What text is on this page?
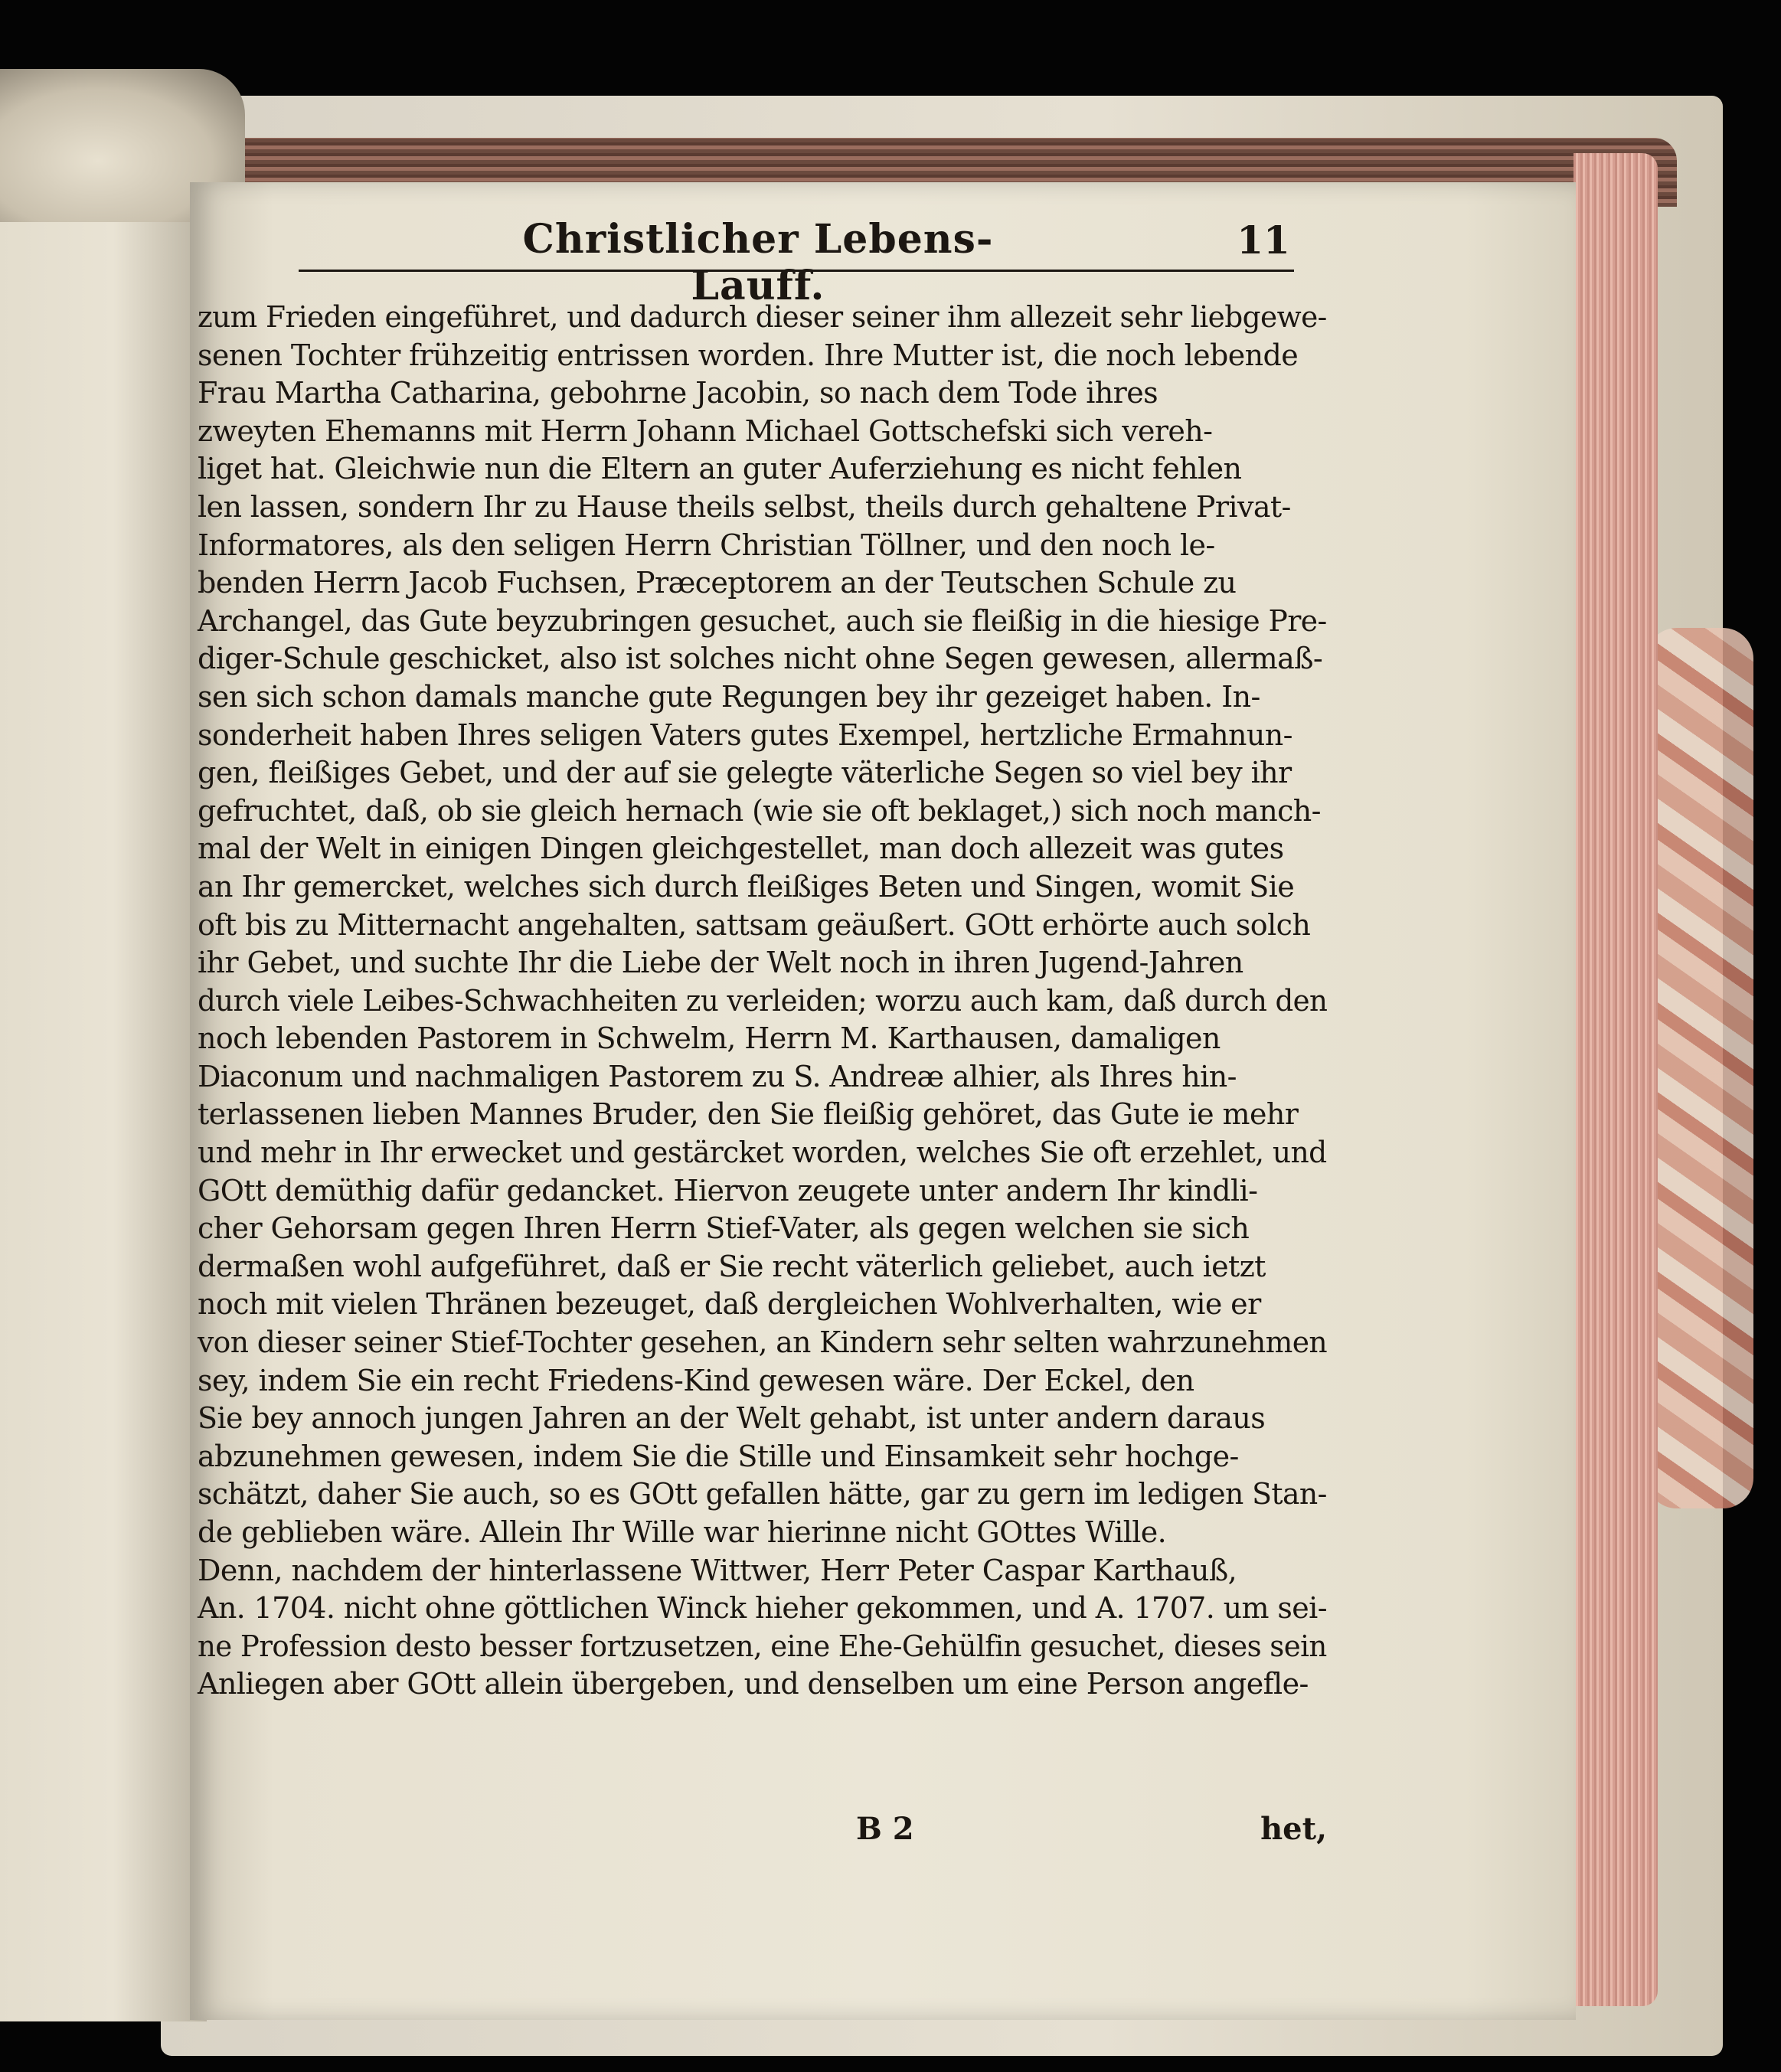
Christlicher Lebens-Lauff.
11
zum Frieden eingeführet, und dadurch dieser seiner ihm allezeit sehr liebgewe-
senen Tochter frühzeitig entrissen worden. Ihre Mutter ist, die noch lebende
Frau Martha Catharina, gebohrne Jacobin, so nach dem Tode ihres
zweyten Ehemanns mit Herrn Johann Michael Gottschefski sich vereh-
liget hat. Gleichwie nun die Eltern an guter Auferziehung es nicht fehlen
len lassen, sondern Ihr zu Hause theils selbst, theils durch gehaltene Privat-
Informatores, als den seligen Herrn Christian Töllner, und den noch le-
benden Herrn Jacob Fuchsen, Præceptorem an der Teutschen Schule zu
Archangel, das Gute beyzubringen gesuchet, auch sie fleißig in die hiesige Pre-
diger-Schule geschicket, also ist solches nicht ohne Segen gewesen, allermaß-
sen sich schon damals manche gute Regungen bey ihr gezeiget haben. In-
sonderheit haben Ihres seligen Vaters gutes Exempel, hertzliche Ermahnun-
gen, fleißiges Gebet, und der auf sie gelegte väterliche Segen so viel bey ihr
gefruchtet, daß, ob sie gleich hernach (wie sie oft beklaget,) sich noch manch-
mal der Welt in einigen Dingen gleichgestellet, man doch allezeit was gutes
an Ihr gemercket, welches sich durch fleißiges Beten und Singen, womit Sie
oft bis zu Mitternacht angehalten, sattsam geäußert. GOtt erhörte auch solch
ihr Gebet, und suchte Ihr die Liebe der Welt noch in ihren Jugend-Jahren
durch viele Leibes-Schwachheiten zu verleiden; worzu auch kam, daß durch den
noch lebenden Pastorem in Schwelm, Herrn M. Karthausen, damaligen
Diaconum und nachmaligen Pastorem zu S. Andreæ alhier, als Ihres hin-
terlassenen lieben Mannes Bruder, den Sie fleißig gehöret, das Gute ie mehr
und mehr in Ihr erwecket und gestärcket worden, welches Sie oft erzehlet, und
GOtt demüthig dafür gedancket. Hiervon zeugete unter andern Ihr kindli-
cher Gehorsam gegen Ihren Herrn Stief-Vater, als gegen welchen sie sich
dermaßen wohl aufgeführet, daß er Sie recht väterlich geliebet, auch ietzt
noch mit vielen Thränen bezeuget, daß dergleichen Wohlverhalten, wie er
von dieser seiner Stief-Tochter gesehen, an Kindern sehr selten wahrzunehmen
sey, indem Sie ein recht Friedens-Kind gewesen wäre. Der Eckel, den
Sie bey annoch jungen Jahren an der Welt gehabt, ist unter andern daraus
abzunehmen gewesen, indem Sie die Stille und Einsamkeit sehr hochge-
schätzt, daher Sie auch, so es GOtt gefallen hätte, gar zu gern im ledigen Stan-
de geblieben wäre. Allein Ihr Wille war hierinne nicht GOttes Wille.
Denn, nachdem der hinterlassene Wittwer, Herr Peter Caspar Karthauß,
An. 1704. nicht ohne göttlichen Winck hieher gekommen, und A. 1707. um sei-
ne Profession desto besser fortzusetzen, eine Ehe-Gehülfin gesuchet, dieses sein
Anliegen aber GOtt allein übergeben, und denselben um eine Person angefle-
B 2	het,
